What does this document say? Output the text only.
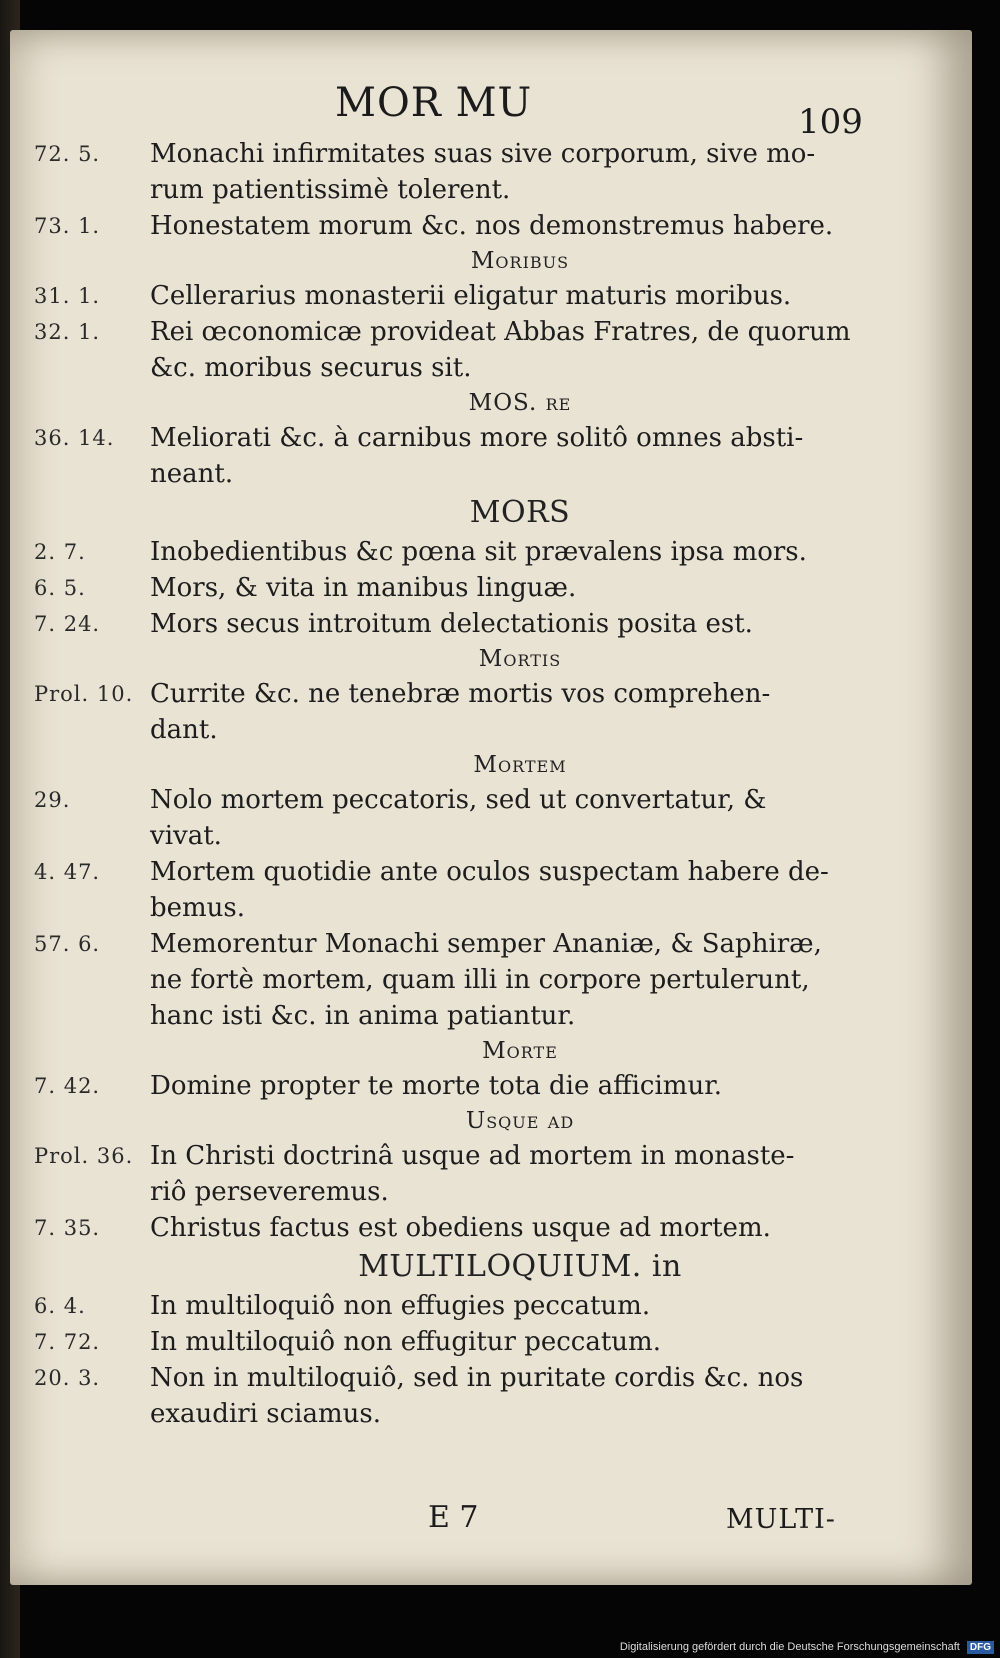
MOR MU	109
72. 5.	Monachi infirmitates suas sive corporum, sive mo-
rum patientissimè tolerent.
73. 1.	Honestatem morum &c. nos demonstremus habere.
Moribus
31. 1.	Cellerarius monasterii eligatur maturis moribus.
32. 1.	Rei œconomicæ provideat Abbas Fratres, de quorum
&c. moribus securus sit.
MOS. re
36. 14.	Meliorati &c. à carnibus more solitô omnes absti-
neant.
MORS
2. 7.	Inobedientibus &c pœna sit prævalens ipsa mors.
6. 5.	Mors, & vita in manibus linguæ.
7. 24.	Mors secus introitum delectationis posita est.
Mortis
Prol. 10. Currite &c. ne tenebræ mortis vos comprehen-
dant.
Mortem
29.	Nolo mortem peccatoris, sed ut convertatur, &
vivat.
4. 47.	Mortem quotidie ante oculos suspectam habere de-
bemus.
57. 6.	Memorentur Monachi semper Ananiæ, & Saphiræ,
ne fortè mortem, quam illi in corpore pertulerunt,
hanc isti &c. in anima patiantur.
Morte
7. 42.	Domine propter te morte tota die afficimur.
Usque ad
Prol. 36. In Christi doctrinâ usque ad mortem in monaste-
riô perseveremus.
7. 35.	Christus factus est obediens usque ad mortem.
MULTILOQUIUM. in
6. 4.	In multiloquiô non effugies peccatum.
7. 72.	In multiloquiô non effugitur peccatum.
20. 3.	Non in multiloquiô, sed in puritate cordis &c. nos
exaudiri sciamus.
E 7	MULTI-
Digitalisierung gefördert durch die Deutsche Forschungsgemeinschaft DFG
